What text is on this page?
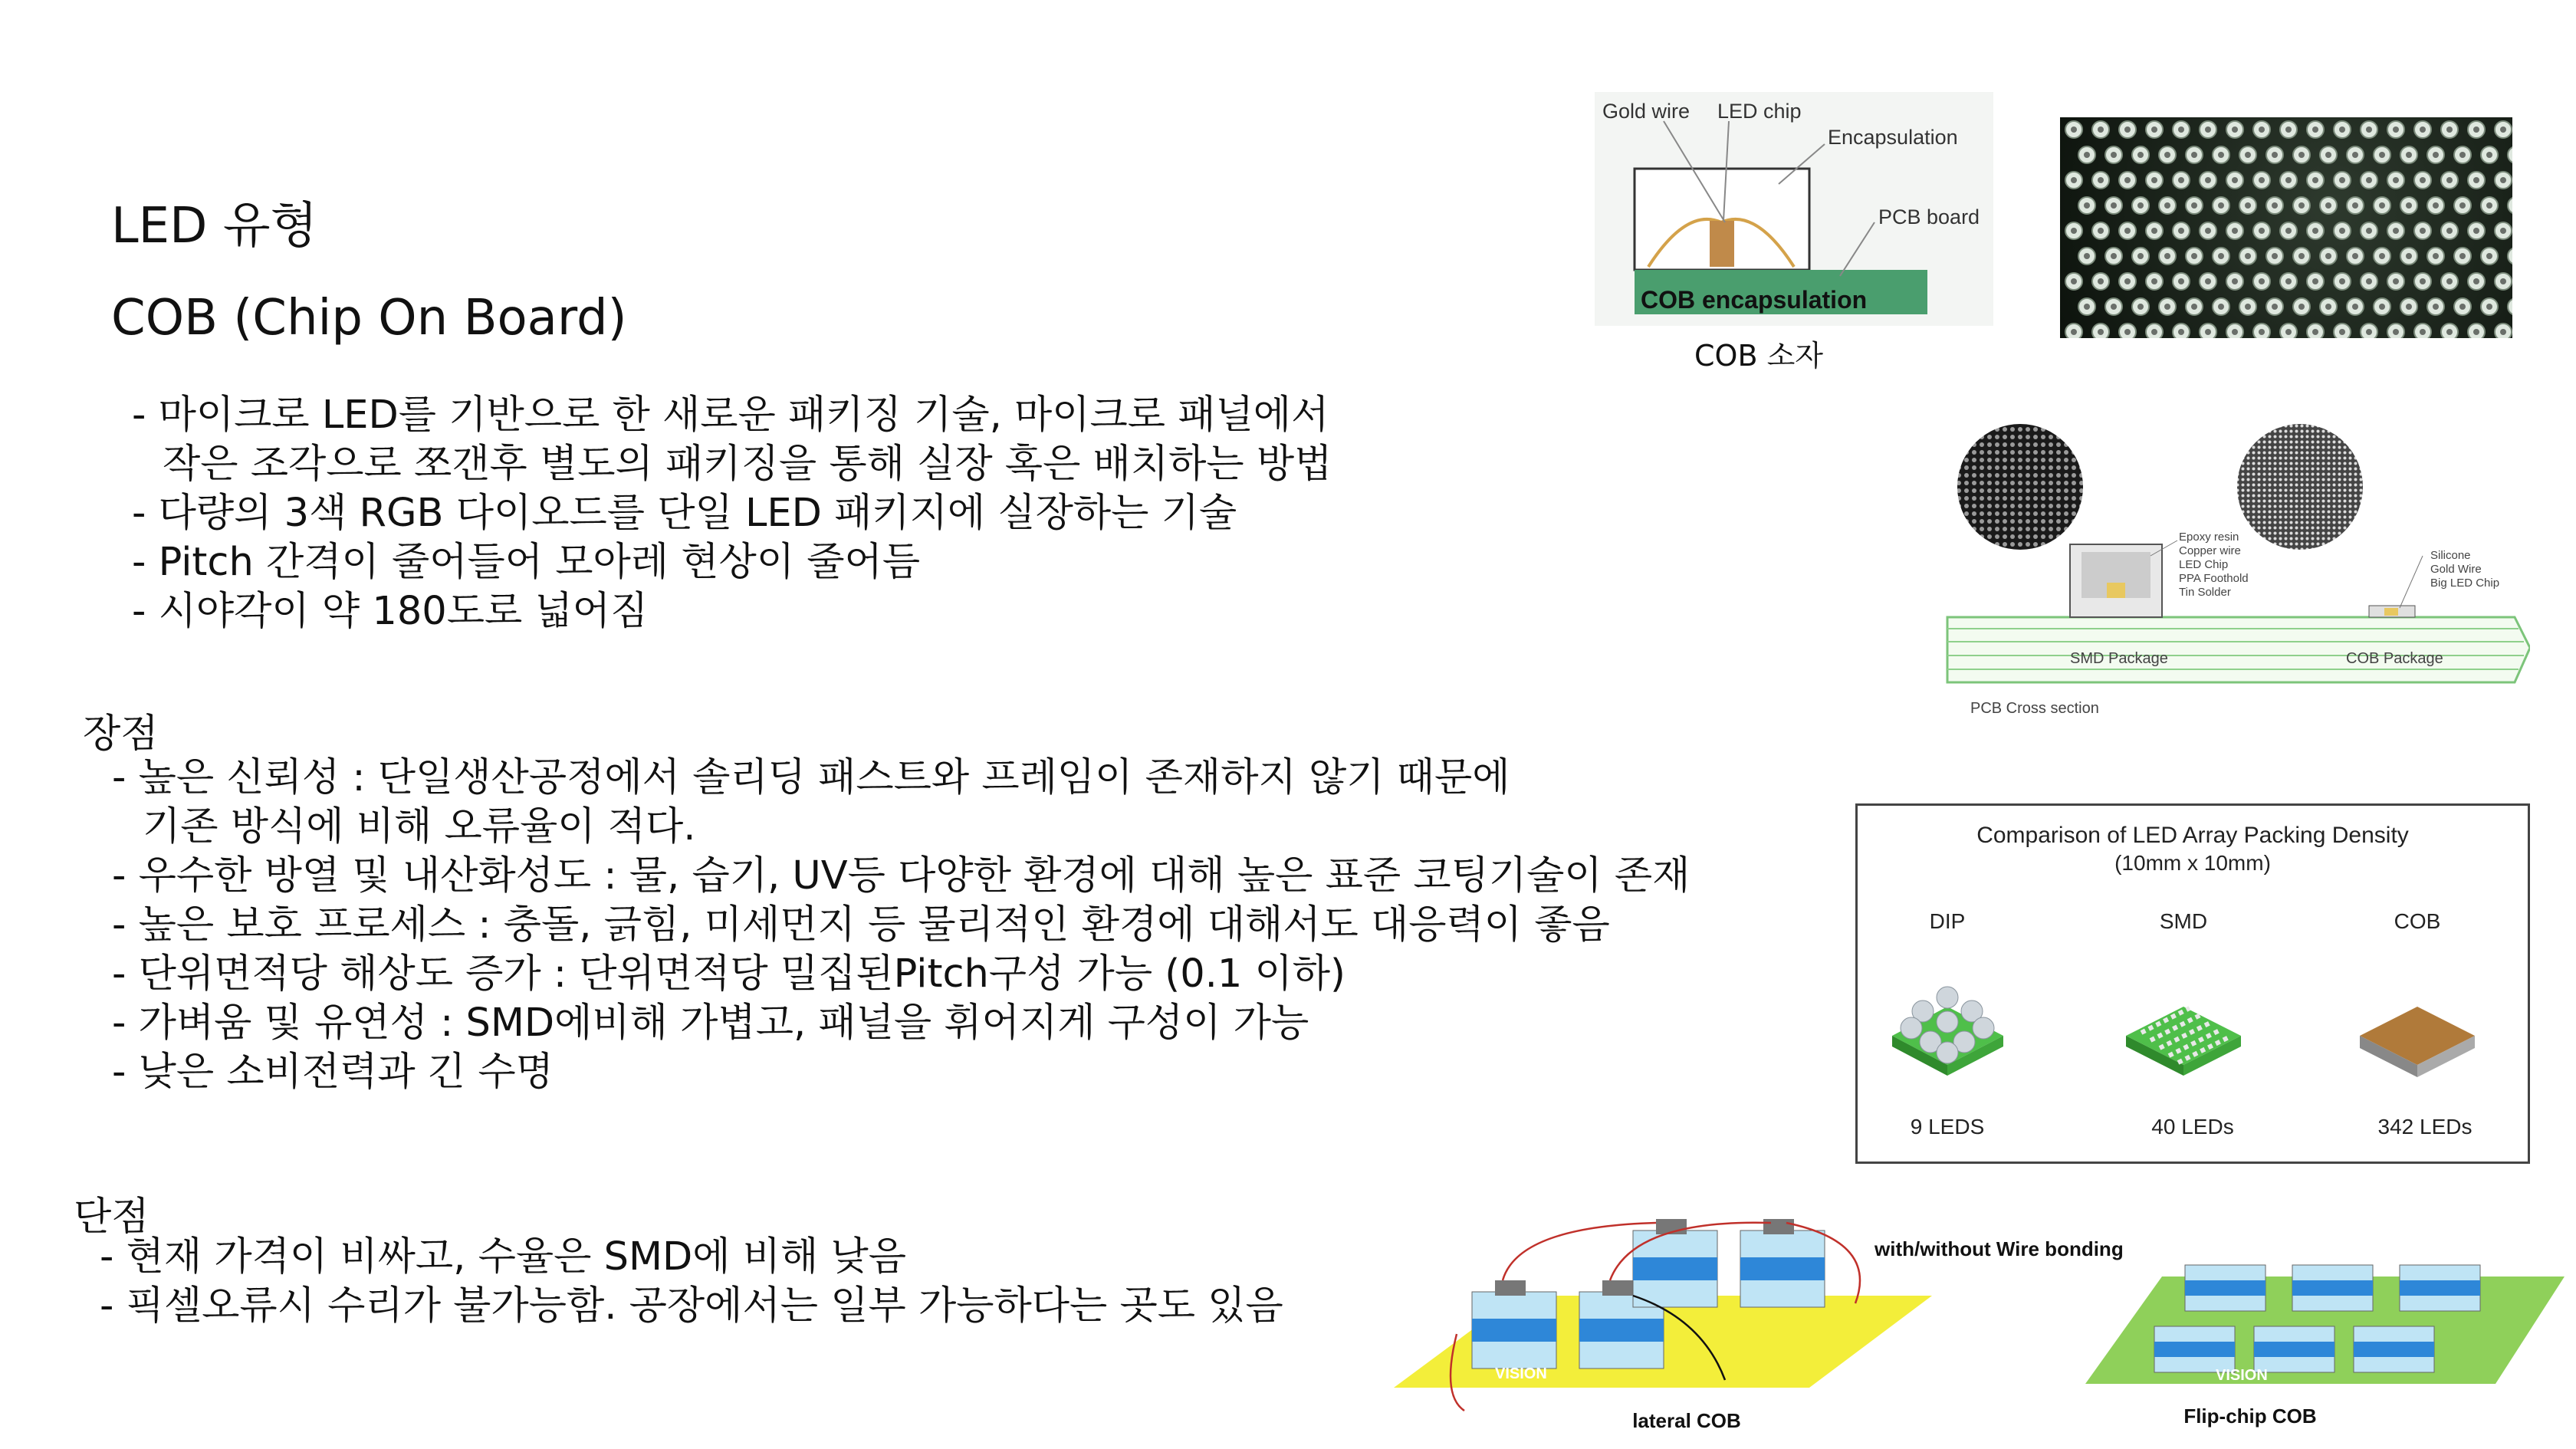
LED 유형
COB (Chip On Board)
- 마이크로 LED를 기반으로 한 새로운 패키징 기술, 마이크로 패널에서
작은 조각으로 쪼갠후 별도의 패키징을 통해 실장 혹은 배치하는 방법
- 다량의 3색 RGB 다이오드를 단일 LED 패키지에 실장하는 기술
- Pitch 간격이 줄어들어 모아레 현상이 줄어듬
- 시야각이 약 180도로 넓어짐
장점
- 높은 신뢰성 : 단일생산공정에서 솔리딩 패스트와 프레임이 존재하지 않기 때문에
기존 방식에 비해 오류율이 적다.
- 우수한 방열 및 내산화성도 : 물, 습기, UV등 다양한 환경에 대해 높은 표준 코팅기술이 존재
- 높은 보호 프로세스 : 충돌, 긁힘, 미세먼지 등 물리적인 환경에 대해서도 대응력이 좋음
- 단위면적당 해상도 증가 : 단위면적당 밀집된Pitch구성 가능 (0.1 이하)
- 가벼움 및 유연성 : SMD에비해 가볍고, 패널을 휘어지게 구성이 가능
- 낮은 소비전력과 긴 수명
단점
- 현재 가격이 비싸고, 수율은 SMD에 비해 낮음
- 픽셀오류시 수리가 불가능함. 공장에서는 일부 가능하다는 곳도 있음
Gold wire LED chip
Encapsulation
PCB board
COB encapsulation
COB 소자
Epoxy resin
Copper wire
LED Chip
PPA Foothold
Tin Solder
Silicone
Gold Wire
Big LED Chip
SMD Package	COB Package
PCB Cross section
Comparison of LED Array Packing Density
(10mm x 10mm)
DIP	SMD	COB
9 LEDS	40 LEDs	342 LEDs
VISION
lateral COB
with/without Wire bonding
VISION
Flip-chip COB
